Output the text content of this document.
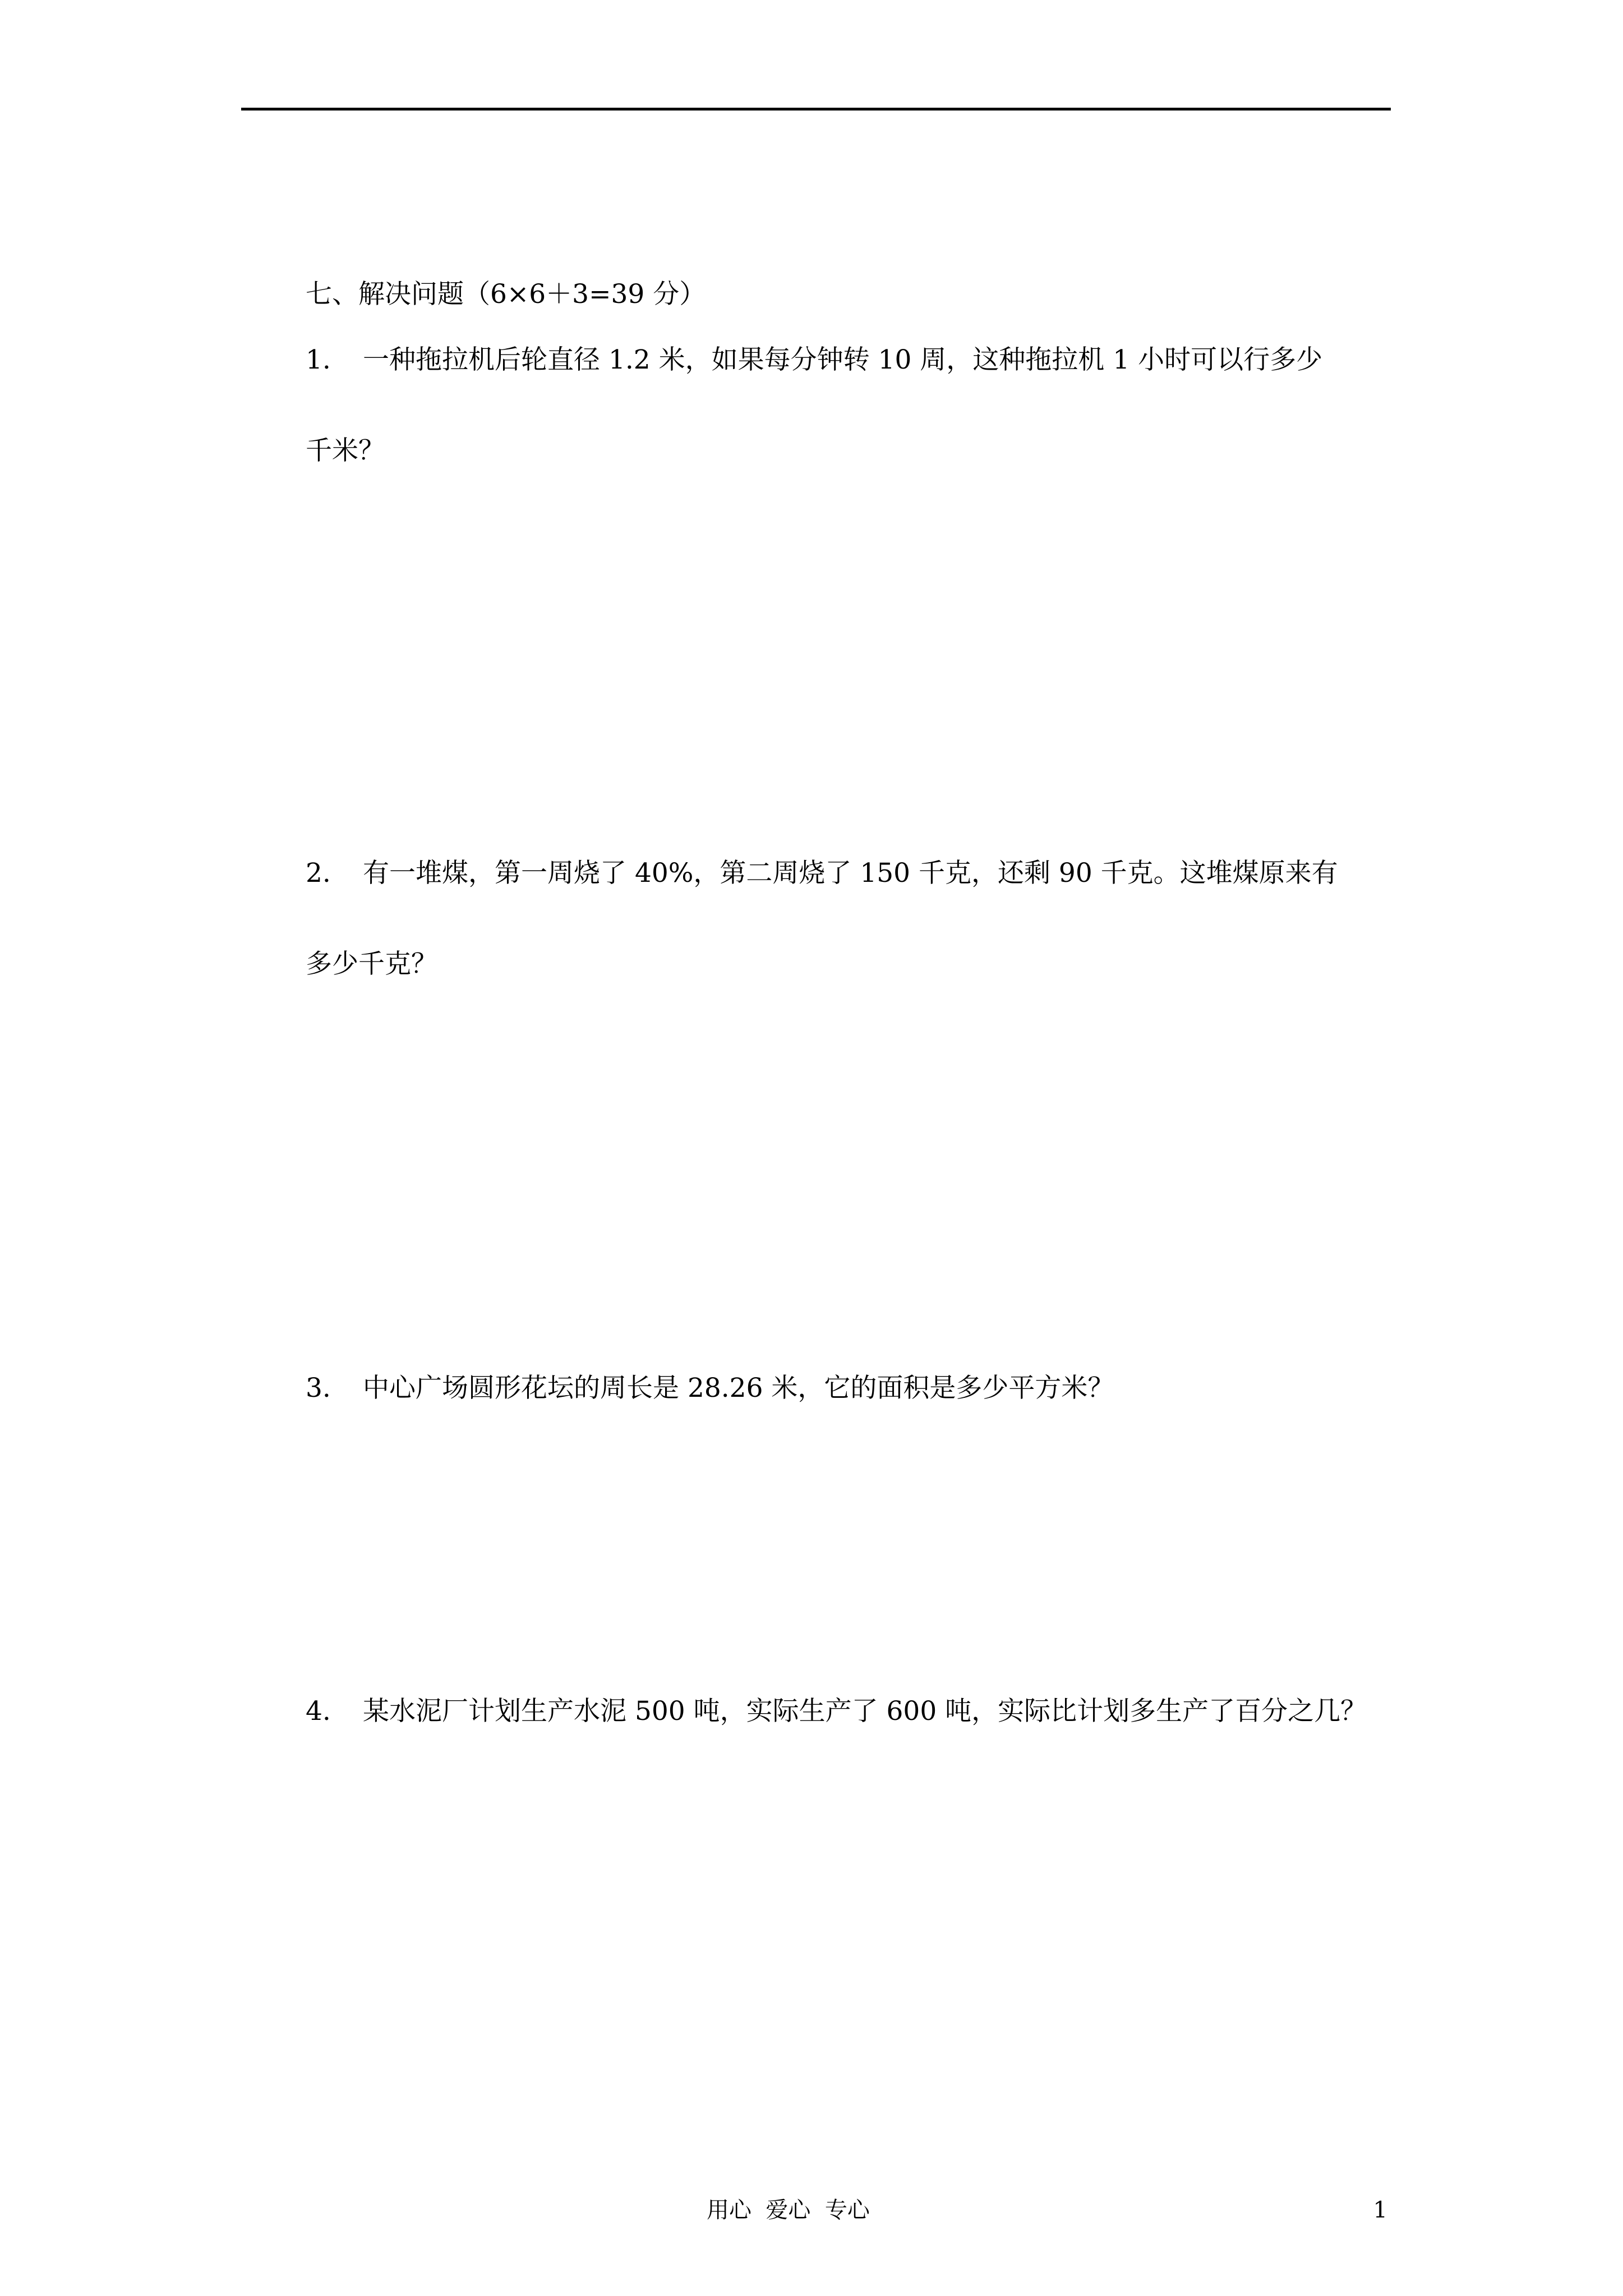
七、解决问题（6×6＋3=39 分）
1. 一种拖拉机后轮直径 1.2 米，如果每分钟转 10 周，这种拖拉机 1 小时可以行多少
千米？
2. 有一堆煤，第一周烧了 40%，第二周烧了 150 千克，还剩 90 千克。这堆煤原来有
多少千克？
3. 中心广场圆形花坛的周长是 28.26 米，它的面积是多少平方米？
4. 某水泥厂计划生产水泥 500 吨，实际生产了 600 吨，实际比计划多生产了百分之几？
用心  爱心  专心	1
